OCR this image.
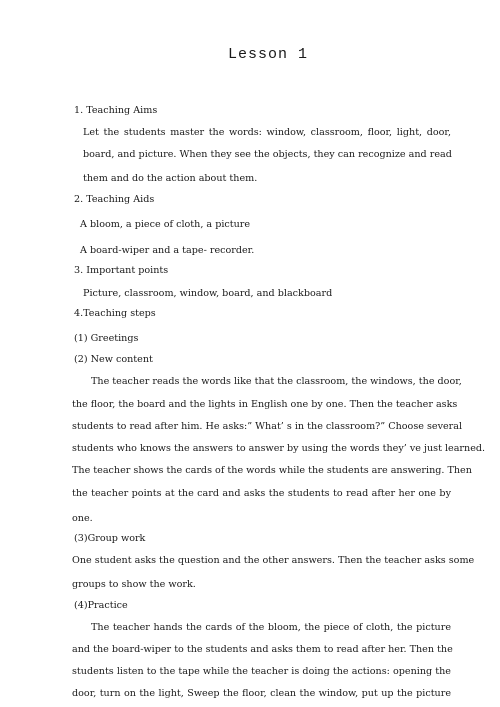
Lesson 1
1. Teaching Aims
Let the students master the words: window, classroom, floor, light, door,
board, and picture. When they see the objects, they can recognize and read
them and do the action about them.
2. Teaching Aids
A bloom, a piece of cloth, a picture
A board-wiper and a tape- recorder.
3. Important points
Picture, classroom, window, board, and blackboard
4.Teaching steps
(1) Greetings
(2) New content
The teacher reads the words like that the classroom, the windows, the door,
the floor, the board and the lights in English one by one. Then the teacher asks
students to read after him. He asks:” What’ s in the classroom?” Choose several
students who knows the answers to answer by using the words they’ ve just learned.
The teacher shows the cards of the words while the students are answering. Then
the teacher points at the card and asks the students to read after her one by
one.
(3)Group work
One student asks the question and the other answers. Then the teacher asks some
groups to show the work.
(4)Practice
The teacher hands the cards of the bloom, the piece of cloth, the picture
and the board-wiper to the students and asks them to read after her. Then the
students listen to the tape while the teacher is doing the actions: opening the
door, turn on the light, Sweep the floor, clean the window, put up the picture
